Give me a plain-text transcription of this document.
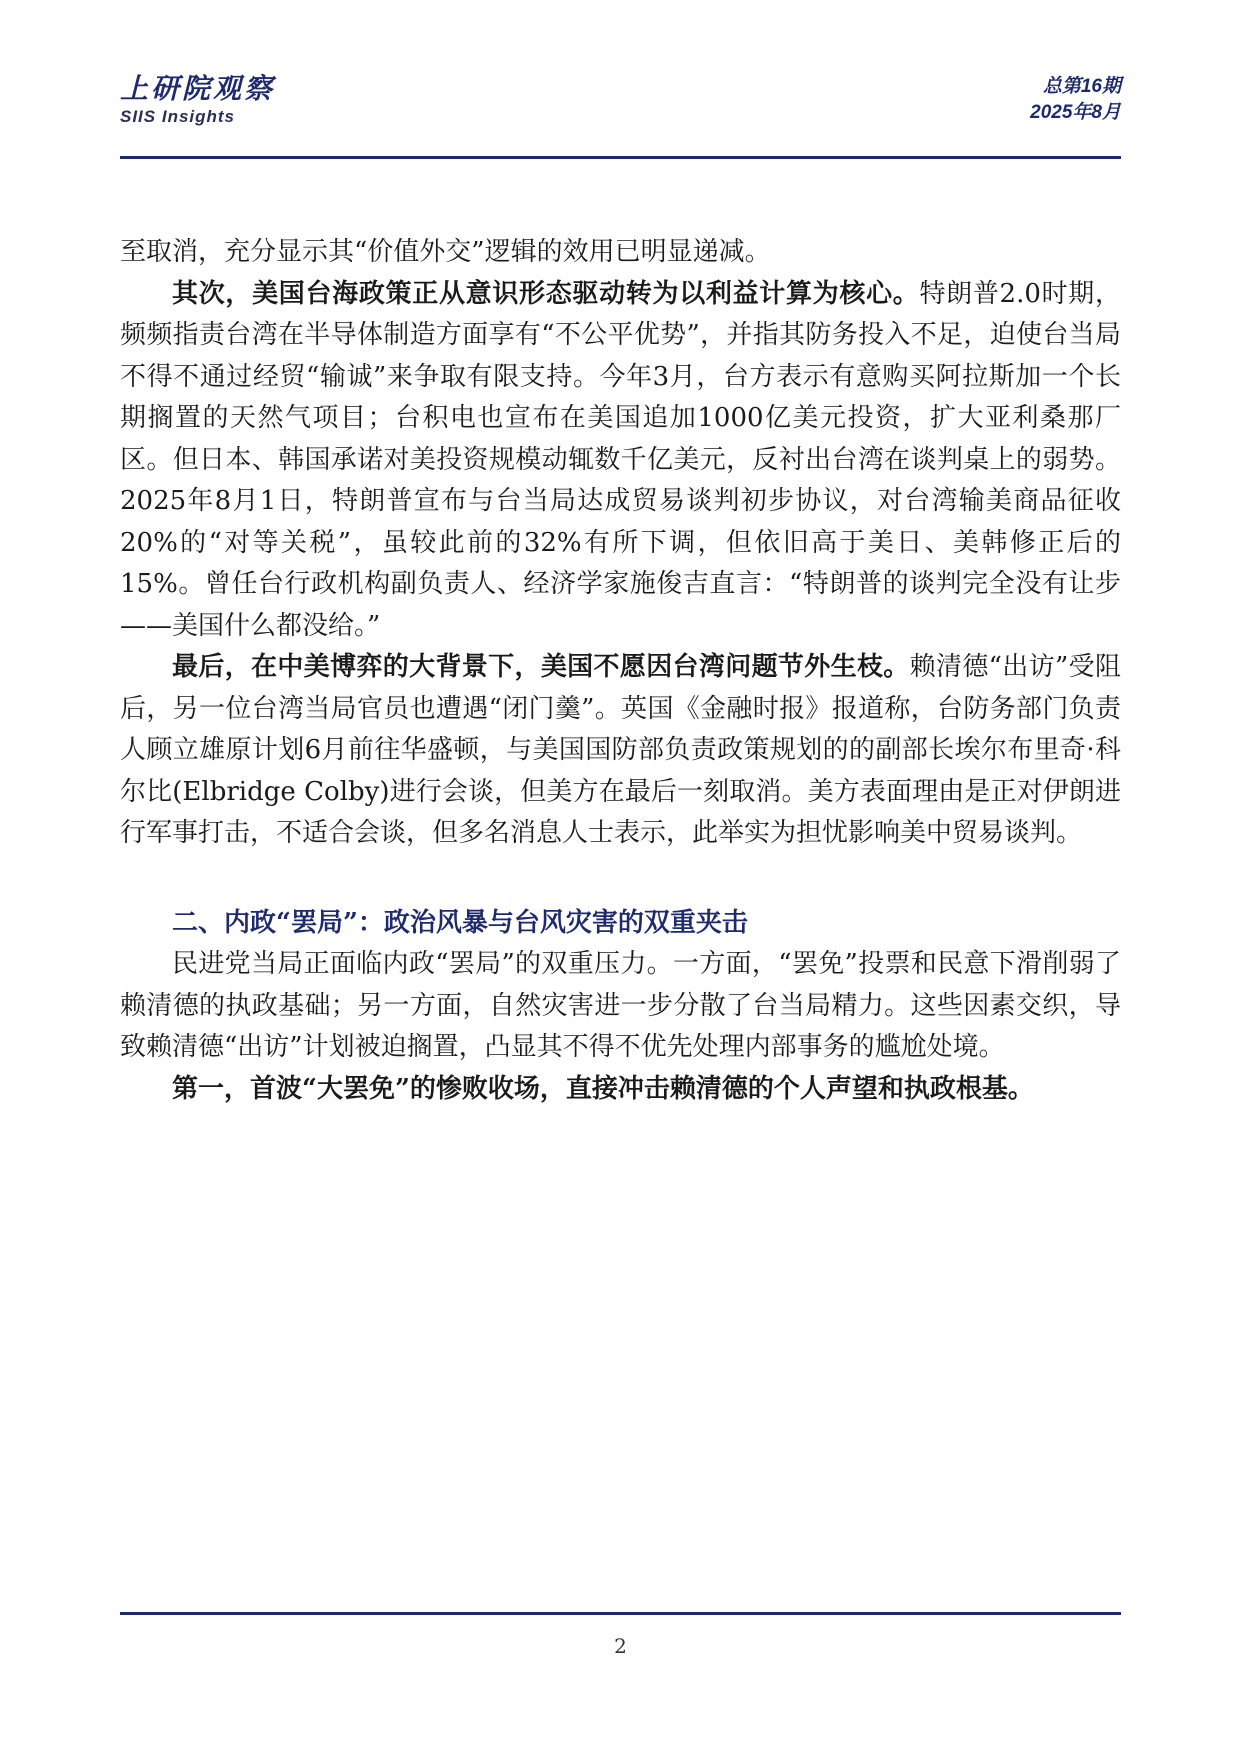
上研院观察
SIIS Insights
总第16期
2025年8月

至取消，充分显示其“价值外交”逻辑的效用已明显递减。

其次，美国台海政策正从意识形态驱动转为以利益计算为核心。特朗普2.0时期，频频指责台湾在半导体制造方面享有“不公平优势”，并指其防务投入不足，迫使台当局不得不通过经贸“输诚”来争取有限支持。今年3月，台方表示有意购买阿拉斯加一个长期搁置的天然气项目；台积电也宣布在美国追加1000亿美元投资，扩大亚利桑那厂区。但日本、韩国承诺对美投资规模动辄数千亿美元，反衬出台湾在谈判桌上的弱势。2025年8月1日，特朗普宣布与台当局达成贸易谈判初步协议，对台湾输美商品征收20%的“对等关税”，虽较此前的32%有所下调，但依旧高于美日、美韩修正后的15%。曾任台行政机构副负责人、经济学家施俊吉直言：“特朗普的谈判完全没有让步——美国什么都没给。”

最后，在中美博弈的大背景下，美国不愿因台湾问题节外生枝。赖清德“出访”受阻后，另一位台湾当局官员也遭遇“闭门羹”。英国《金融时报》报道称，台防务部门负责人顾立雄原计划6月前往华盛顿，与美国国防部负责政策规划的的副部长埃尔布里奇·科尔比(Elbridge Colby)进行会谈，但美方在最后一刻取消。美方表面理由是正对伊朗进行军事打击，不适合会谈，但多名消息人士表示，此举实为担忧影响美中贸易谈判。

二、内政“罢局”：政治风暴与台风灾害的双重夹击

民进党当局正面临内政“罢局”的双重压力。一方面，“罢免”投票和民意下滑削弱了赖清德的执政基础；另一方面，自然灾害进一步分散了台当局精力。这些因素交织，导致赖清德“出访”计划被迫搁置，凸显其不得不优先处理内部事务的尴尬处境。

第一，首波“大罢免”的惨败收场，直接冲击赖清德的个人声望和执政根基。

2
